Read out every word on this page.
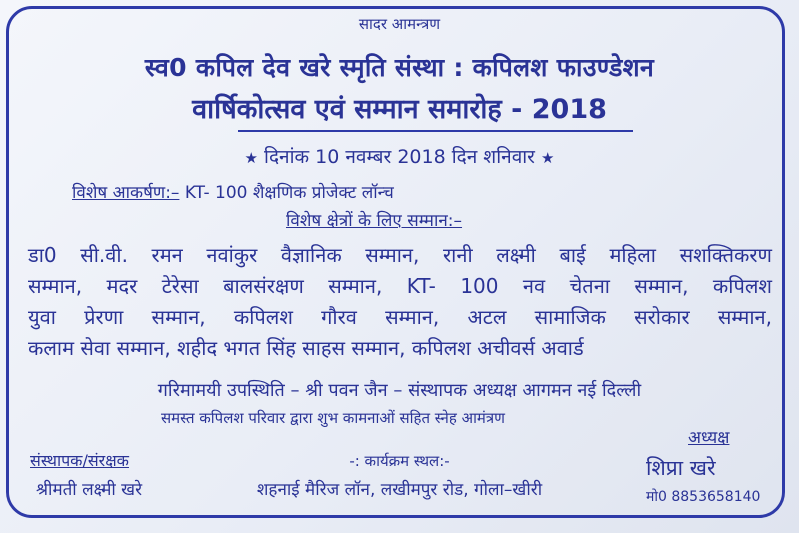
सादर आमन्त्रण
स्व0 कपिल देव खरे स्मृति संस्था : कपिलश फाउण्डेशन
वार्षिकोत्सव एवं सम्मान समारोह - 2018
★ दिनांक 10 नवम्बर 2018 दिन शनिवार ★
विशेष आकर्षण:– KT- 100 शैक्षणिक प्रोजेक्ट लॉन्च
विशेष क्षेत्रों के लिए सम्मान:–
डा0 सी.वी. रमन नवांकुर वैज्ञानिक सम्मान, रानी लक्ष्मी बाई महिला सशक्तिकरण
सम्मान, मदर टेरेसा बालसंरक्षण सम्मान, KT- 100 नव चेतना सम्मान, कपिलश
युवा प्रेरणा सम्मान, कपिलश गौरव सम्मान, अटल सामाजिक सरोकार सम्मान,
कलाम सेवा सम्मान, शहीद भगत सिंह साहस सम्मान, कपिलश अचीवर्स अवार्ड
गरिमामयी उपस्थिति – श्री पवन जैन – संस्थापक अध्यक्ष आगमन नई दिल्ली
समस्त कपिलश परिवार द्वारा शुभ कामनाओं सहित स्नेह आमंत्रण
अध्यक्ष
संस्थापक/संरक्षक	-: कार्यक्रम स्थल:-	शिप्रा खरे
श्रीमती लक्ष्मी खरे	शहनाई मैरिज लॉन, लखीमपुर रोड, गोला–खीरी	मो0 8853658140
